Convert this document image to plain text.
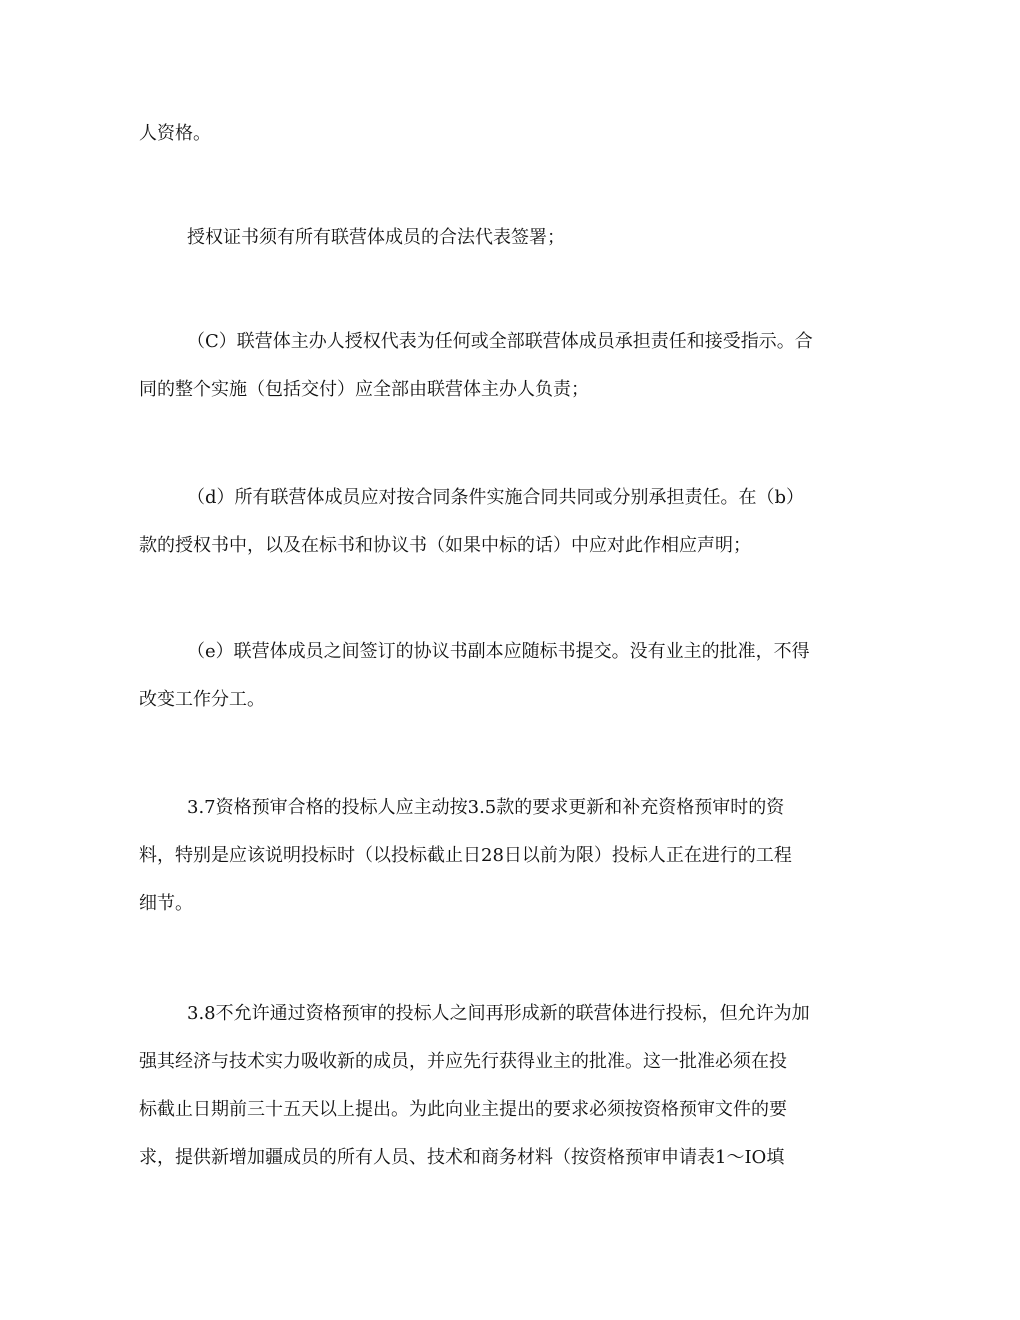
人资格。
授权证书须有所有联营体成员的合法代表签署；
（C）联营体主办人授权代表为任何或全部联营体成员承担责任和接受指示。合
同的整个实施（包括交付）应全部由联营体主办人负责；
（d）所有联营体成员应对按合同条件实施合同共同或分别承担责任。在（b）
款的授权书中，以及在标书和协议书（如果中标的话）中应对此作相应声明；
（e）联营体成员之间签订的协议书副本应随标书提交。没有业主的批准，不得
改变工作分工。
3.7资格预审合格的投标人应主动按3.5款的要求更新和补充资格预审时的资
料，特别是应该说明投标时（以投标截止日28日以前为限）投标人正在进行的工程
细节。
3.8不允许通过资格预审的投标人之间再形成新的联营体进行投标，但允许为加
强其经济与技术实力吸收新的成员，并应先行获得业主的批准。这一批准必须在投
标截止日期前三十五天以上提出。为此向业主提出的要求必须按资格预审文件的要
求，提供新增加疆成员的所有人员、技术和商务材料（按资格预审申请表1～IO填
